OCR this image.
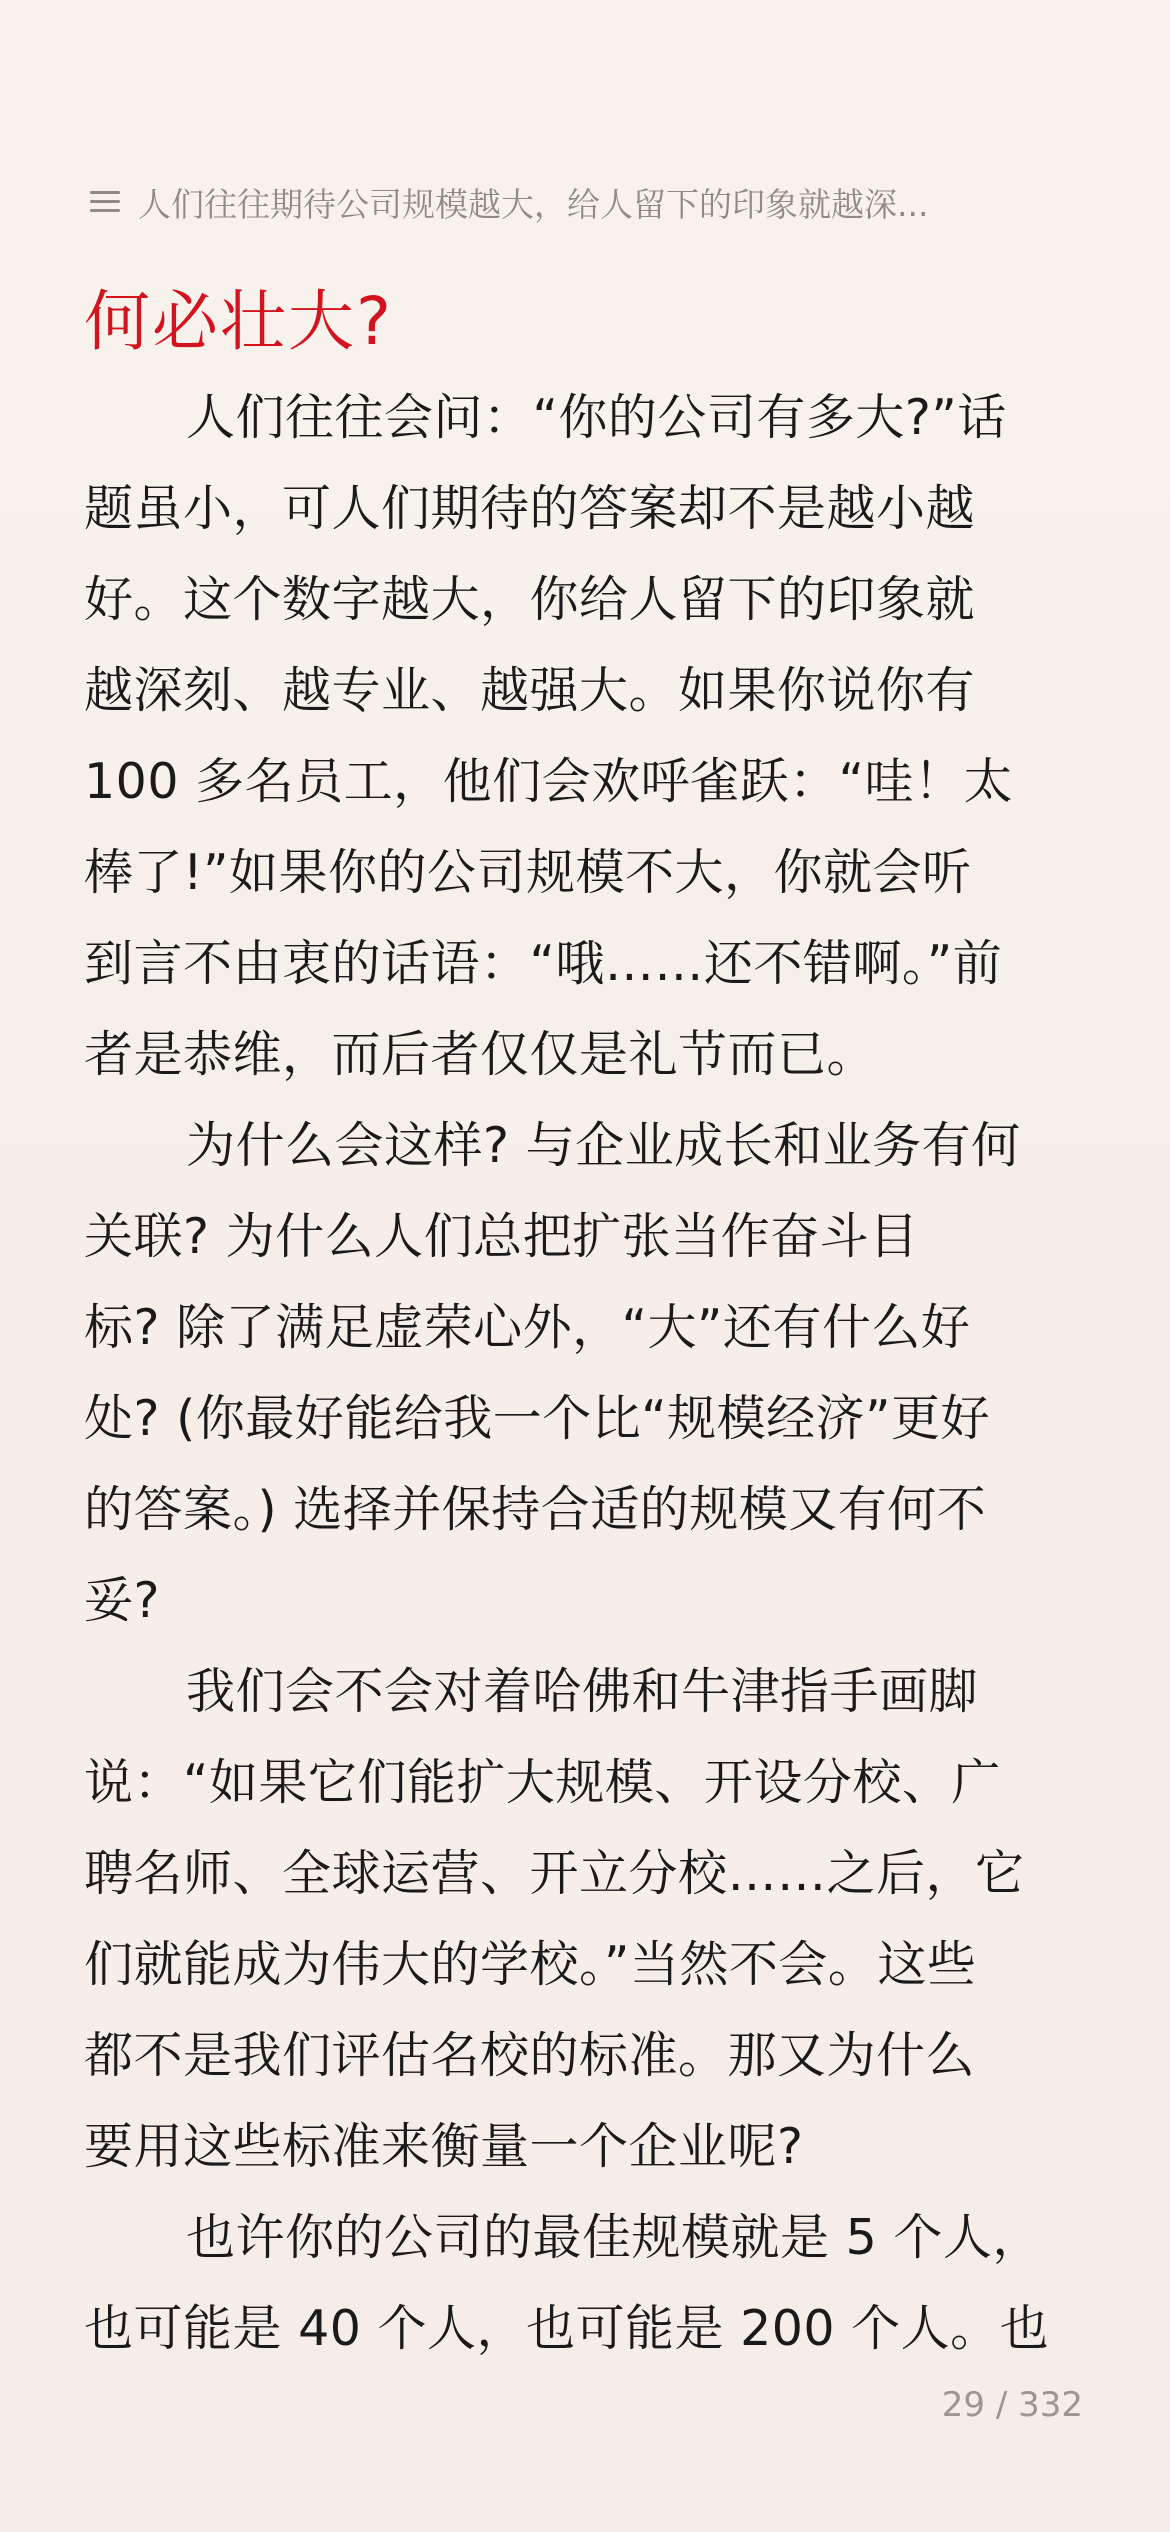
人们往往期待公司规模越大，给人留下的印象就越深...
何必壮大?
人们往往会问：“你的公司有多大?”话
题虽小，可人们期待的答案却不是越小越
好。这个数字越大，你给人留下的印象就
越深刻、越专业、越强大。如果你说你有
100 多名员工，他们会欢呼雀跃：“哇！太
棒了!”如果你的公司规模不大，你就会听
到言不由衷的话语：“哦……还不错啊。”前
者是恭维，而后者仅仅是礼节而已。
为什么会这样? 与企业成长和业务有何
关联? 为什么人们总把扩张当作奋斗目
标? 除了满足虚荣心外，“大”还有什么好
处? (你最好能给我一个比“规模经济”更好
的答案。) 选择并保持合适的规模又有何不
妥?
我们会不会对着哈佛和牛津指手画脚
说：“如果它们能扩大规模、开设分校、广
聘名师、全球运营、开立分校……之后，它
们就能成为伟大的学校。”当然不会。这些
都不是我们评估名校的标准。那又为什么
要用这些标准来衡量一个企业呢?
也许你的公司的最佳规模就是 5 个人，
也可能是 40 个人，也可能是 200 个人。也
29 / 332
